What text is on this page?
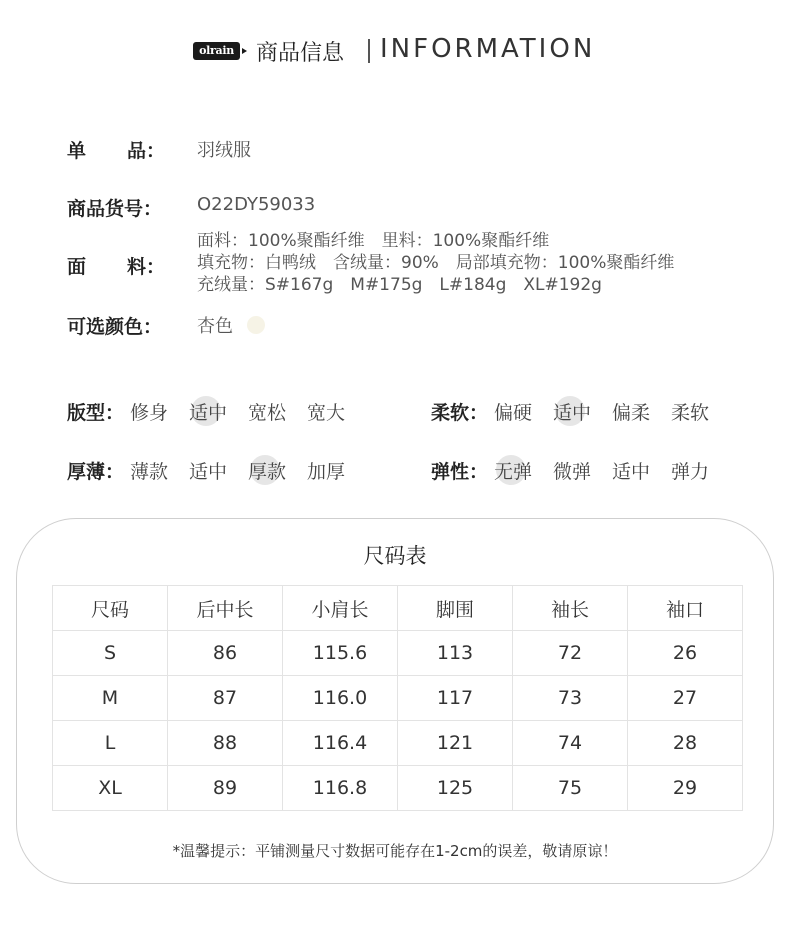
olrain 商品信息 INFORMATION
单 品： 羽绒服
商品货号： O22DY59033
面 料：
面料：100%聚酯纤维　里料：100%聚酯纤维
填充物：白鸭绒　含绒量：90%　局部填充物：100%聚酯纤维
充绒量：S#167g　M#175g　L#184g　XL#192g
可选颜色： 杏色
版型： 修身 适中 宽松 宽大	柔软： 偏硬 适中 偏柔 柔软
厚薄： 薄款 适中 厚款 加厚	弹性： 无弹 微弹 适中 弹力
尺码表
尺码	后中长	小肩长	脚围	袖长	袖口
S	86	115.6	113	72	26
M	87	116.0	117	73	27
L	88	116.4	121	74	28
XL	89	116.8	125	75	29
*温馨提示：平铺测量尺寸数据可能存在1-2cm的误差，敬请原谅！
